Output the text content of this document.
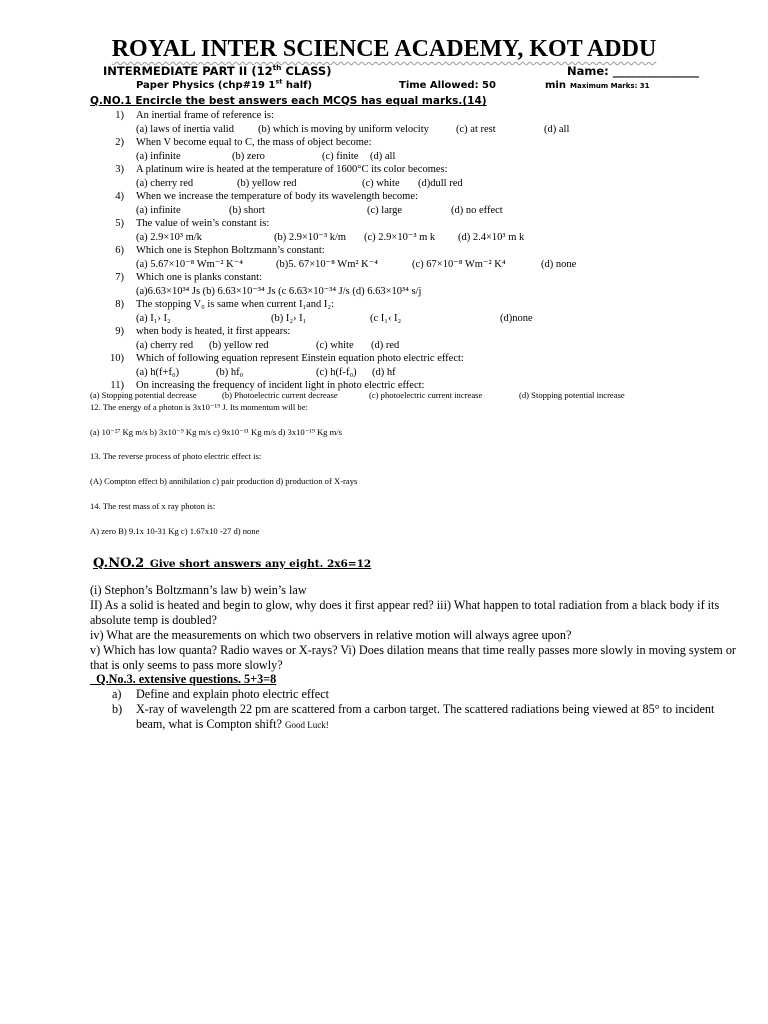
ROYAL INTER SCIENCE ACADEMY, KOT ADDU
INTERMEDIATE PART II (12th CLASS)	Name: _______________
Paper Physics (chp#19 1st half)	Time Allowed: 50	min Maximum Marks: 31
Q.NO.1 Encircle the best answers each MCQS has equal marks.(14)
1) An inertial frame of reference is:
(a) laws of inertia valid (b) which is moving by uniform velocity	(c) at rest	(d) all
2) When V become equal to C, the mass of object become:
(a) infinite	(b) zero	(c) finite (d) all
3) A platinum wire is heated at the temperature of 1600°C its color becomes:
(a) cherry red	(b) yellow red	(c) white (d)dull red
4) When we increase the temperature of body its wavelength become:
(a) infinite	(b) short	(c) large	(d) no effect
5) The value of wein’s constant is:
(a) 2.9×10³ m/k	(b) 2.9×10⁻³ k/m (c) 2.9×10⁻³ m k (d) 2.4×10³ m k
6) Which one is Stephon Boltzmann’s constant:
(a) 5.67×10⁻⁸ Wm⁻² K⁻⁴	(b)5. 67×10⁻⁸ Wm² K⁻⁴	(c) 67×10⁻⁸ Wm⁻² K⁴	(d) none
7) Which one is planks constant:
(a)6.63×10³⁴ Js (b) 6.63×10⁻³⁴ Js (c 6.63×10⁻³⁴ J/s (d) 6.63×10³⁴ s/j
8) The stopping V₀ is same when current I₁and I₂:
(a) I₁› I₂	(b) I₂› I₁	(c I₁‹ I₂	(d)none
9) when body is heated, it first appears:
(a) cherry red (b) yellow red	(c) white (d) red
10) Which of following equation represent Einstein equation photo electric effect:
(a) h(f+f₀)	(b) hf₀	(c) h(f-f₀) (d) hf
11) On increasing the frequency of incident light in photo electric effect:
(a) Stopping potential decrease	(b) Photoelectric current decrease	(c) photoelectric current increase	(d) Stopping potential increase
12. The energy of a photon is 3x10⁻¹⁹ J. Its momentum will be:
(a) 10⁻²⁷ Kg m/s b) 3x10⁻⁹ Kg m/s c) 9x10⁻¹¹ Kg m/s d) 3x10⁻¹⁹ Kg m/s
13. The reverse process of photo electric effect is:
(A) Compton effect b) annihilation c) pair production d) production of X-rays
14. The rest mass of x ray photon is:
A) zero B) 9.1x 10-31 Kg c) 1.67x10 -27 d) none
Q.NO.2 Give short answers any eight. 2x6=12

(i) Stephon’s Boltzmann’s law b) wein’s law

II) As a solid is heated and begin to glow, why does it first appear red? iii) What happen to total radiation from a black body if its absolute temp is doubled?

iv) What are the measurements on which two observers in relative motion will always agree upon?

v) Which has low quanta? Radio waves or X-rays? Vi) Does dilation means that time really passes more slowly in moving system or that is only seems to pass more slowly?

Q.No.3. extensive questions. 5+3=8
a) Define and explain photo electric effect
b) X-ray of wavelength 22 pm are scattered from a carbon target. The scattered radiations being viewed at 85° to incident beam, what is Compton shift? Good Luck!
